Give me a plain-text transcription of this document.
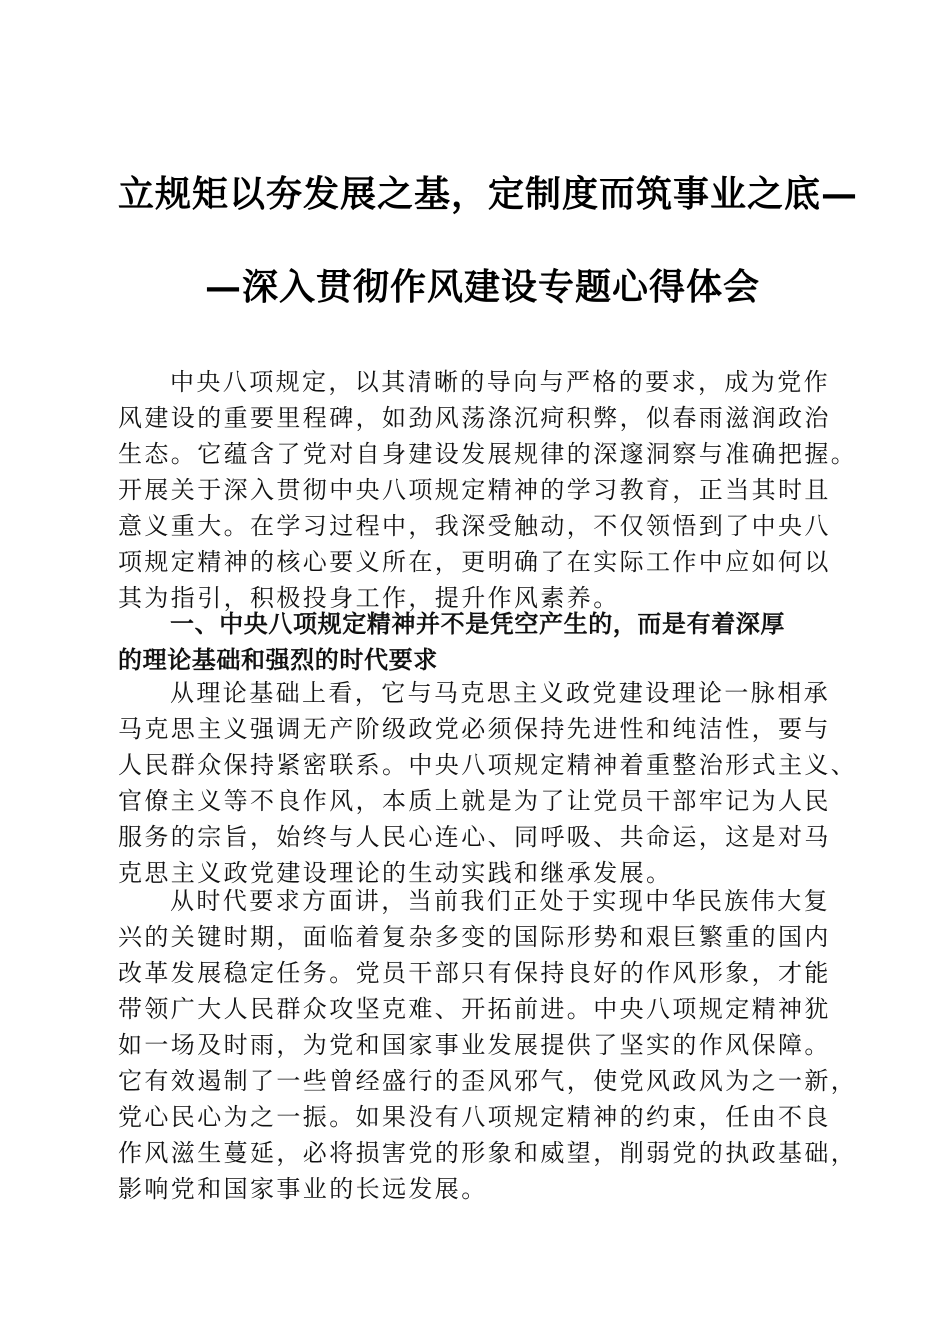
立规矩以夯发展之基，定制度而筑事业之底—
—深入贯彻作风建设专题心得体会
中央八项规定，以其清晰的导向与严格的要求，成为党作
风建设的重要里程碑，如劲风荡涤沉疴积弊，似春雨滋润政治
生态。它蕴含了党对自身建设发展规律的深邃洞察与准确把握。
开展关于深入贯彻中央八项规定精神的学习教育，正当其时且
意义重大。在学习过程中，我深受触动，不仅领悟到了中央八
项规定精神的核心要义所在，更明确了在实际工作中应如何以
其为指引，积极投身工作，提升作风素养。
一、中央八项规定精神并不是凭空产生的，而是有着深厚
的理论基础和强烈的时代要求
从理论基础上看，它与马克思主义政党建设理论一脉相承
马克思主义强调无产阶级政党必须保持先进性和纯洁性，要与
人民群众保持紧密联系。中央八项规定精神着重整治形式主义、
官僚主义等不良作风，本质上就是为了让党员干部牢记为人民
服务的宗旨，始终与人民心连心、同呼吸、共命运，这是对马
克思主义政党建设理论的生动实践和继承发展。
从时代要求方面讲，当前我们正处于实现中华民族伟大复
兴的关键时期，面临着复杂多变的国际形势和艰巨繁重的国内
改革发展稳定任务。党员干部只有保持良好的作风形象，才能
带领广大人民群众攻坚克难、开拓前进。中央八项规定精神犹
如一场及时雨，为党和国家事业发展提供了坚实的作风保障。
它有效遏制了一些曾经盛行的歪风邪气，使党风政风为之一新，
党心民心为之一振。如果没有八项规定精神的约束，任由不良
作风滋生蔓延，必将损害党的形象和威望，削弱党的执政基础，
影响党和国家事业的长远发展。
